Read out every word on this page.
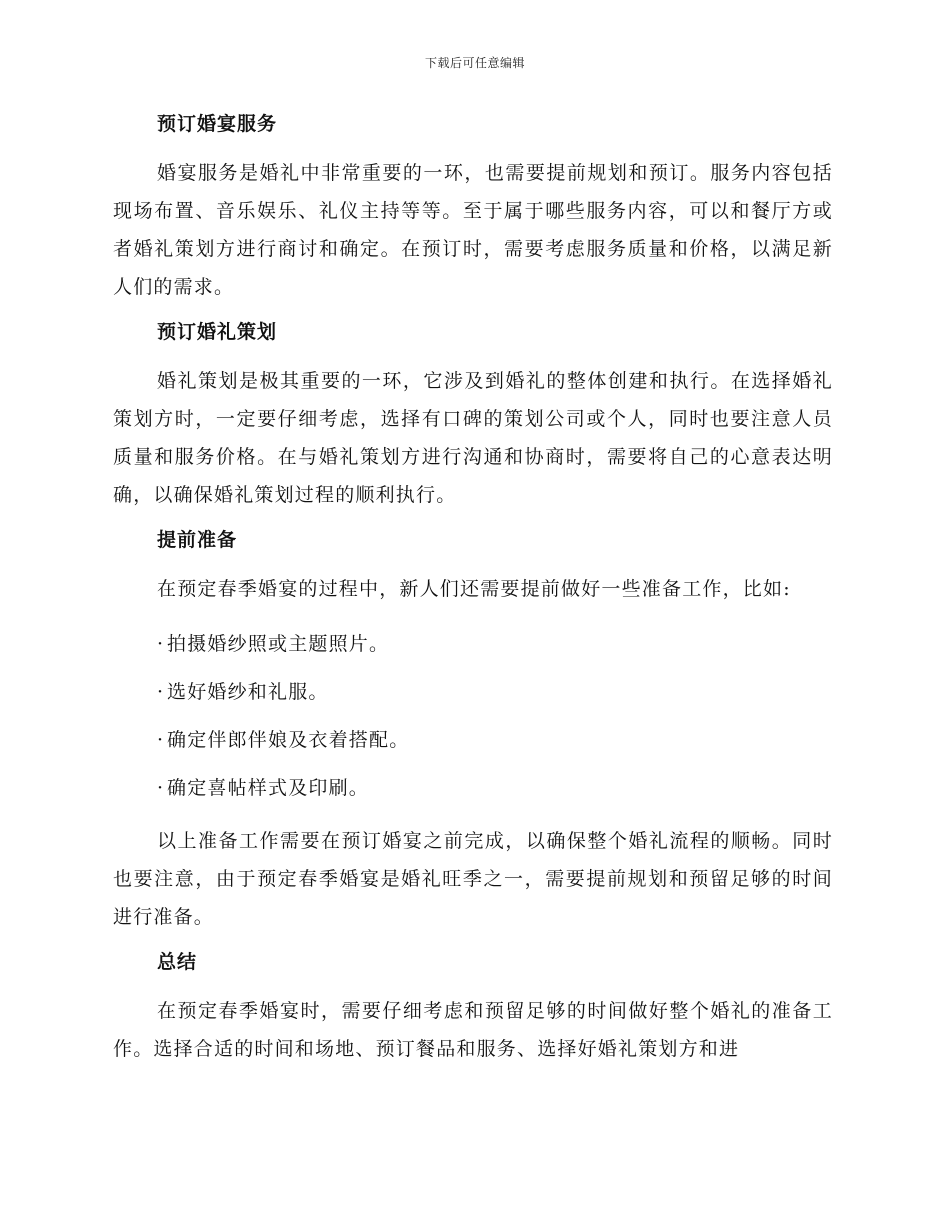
下载后可任意编辑
预订婚宴服务

婚宴服务是婚礼中非常重要的一环，也需要提前规划和预订。服务内容包括现场布置、音乐娱乐、礼仪主持等等。至于属于哪些服务内容，可以和餐厅方或者婚礼策划方进行商讨和确定。在预订时，需要考虑服务质量和价格，以满足新人们的需求。

预订婚礼策划

婚礼策划是极其重要的一环，它涉及到婚礼的整体创建和执行。在选择婚礼策划方时，一定要仔细考虑，选择有口碑的策划公司或个人，同时也要注意人员质量和服务价格。在与婚礼策划方进行沟通和协商时，需要将自己的心意表达明确，以确保婚礼策划过程的顺利执行。

提前准备

在预定春季婚宴的过程中，新人们还需要提前做好一些准备工作，比如:

· 拍摄婚纱照或主题照片。
· 选好婚纱和礼服。
· 确定伴郎伴娘及衣着搭配。
· 确定喜帖样式及印刷。

以上准备工作需要在预订婚宴之前完成，以确保整个婚礼流程的顺畅。同时也要注意，由于预定春季婚宴是婚礼旺季之一，需要提前规划和预留足够的时间进行准备。

总结

在预定春季婚宴时，需要仔细考虑和预留足够的时间做好整个婚礼的准备工作。选择合适的时间和场地、预订餐品和服务、选择好婚礼策划方和进
